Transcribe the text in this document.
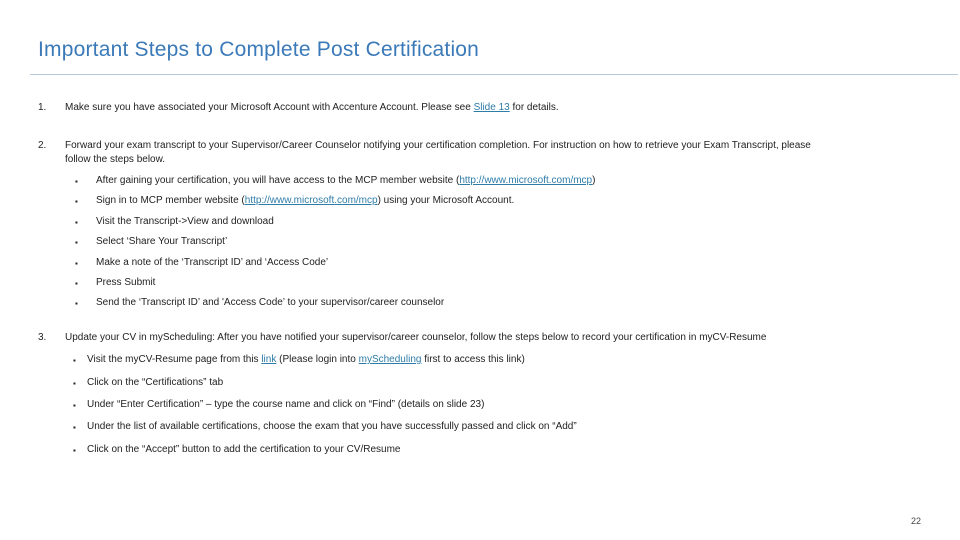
Important Steps to Complete Post Certification
1. Make sure you have associated your Microsoft Account with Accenture Account. Please see Slide 13 for details.
2. Forward your exam transcript to your Supervisor/Career Counselor notifying your certification completion. For instruction on how to retrieve your Exam Transcript, please
follow the steps below.
3. Update your CV in myScheduling: After you have notified your supervisor/career counselor, follow the steps below to record your certification in myCV-Resume
22
▪ After gaining your certification, you will have access to the MCP member website (http://www.microsoft.com/mcp)
▪ Sign in to MCP member website (http://www.microsoft.com/mcp) using your Microsoft Account.
▪ Visit the Transcript->View and download
▪ Select ‘Share Your Transcript’
▪ Make a note of the ‘Transcript ID’ and ‘Access Code’
▪ Press Submit
▪ Send the ‘Transcript ID’ and 'Access Code’ to your supervisor/career counselor
▪ Visit the myCV-Resume page from this link (Please login into myScheduling first to access this link)
▪ Click on the “Certifications” tab
▪ Under “Enter Certification” – type the course name and click on “Find” (details on slide 23)
▪ Under the list of available certifications, choose the exam that you have successfully passed and click on “Add”
▪ Click on the “Accept” button to add the certification to your CV/Resume
